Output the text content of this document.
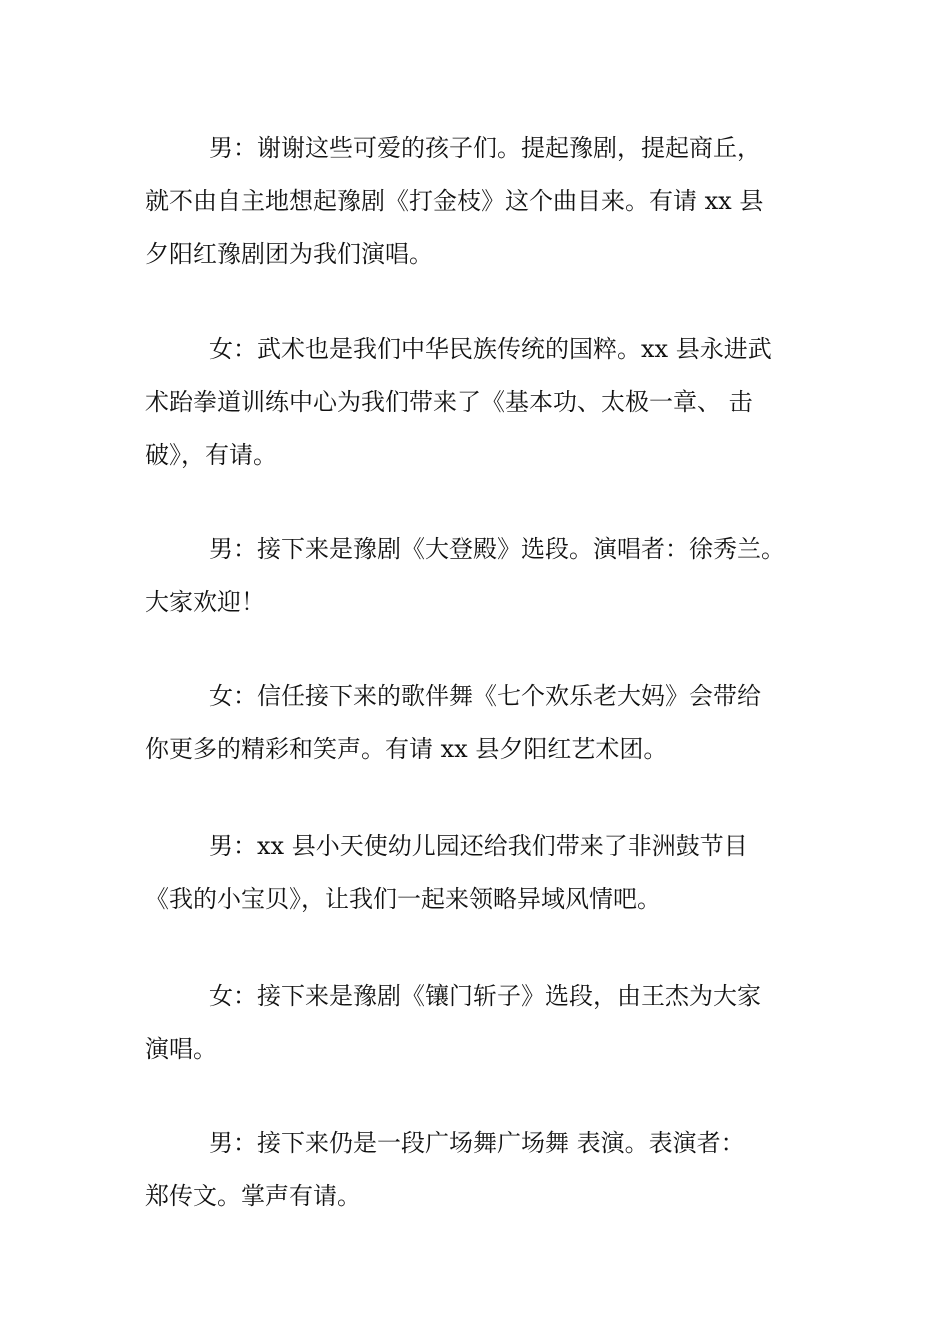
男：谢谢这些可爱的孩子们。提起豫剧，提起商丘，
就不由自主地想起豫剧《打金枝》这个曲目来。有请 xx 县
夕阳红豫剧团为我们演唱。

女：武术也是我们中华民族传统的国粹。xx 县永进武
术跆拳道训练中心为我们带来了《基本功、太极一章、 击
破》，有请。

男：接下来是豫剧《大登殿》选段。演唱者：徐秀兰。
大家欢迎！

女：信任接下来的歌伴舞《七个欢乐老大妈》会带给
你更多的精彩和笑声。有请 xx 县夕阳红艺术团。

男：xx 县小天使幼儿园还给我们带来了非洲鼓节目
《我的小宝贝》，让我们一起来领略异域风情吧。

女：接下来是豫剧《镶门斩子》选段，由王杰为大家
演唱。

男：接下来仍是一段广场舞广场舞 表演。表演者：
郑传文。掌声有请。
